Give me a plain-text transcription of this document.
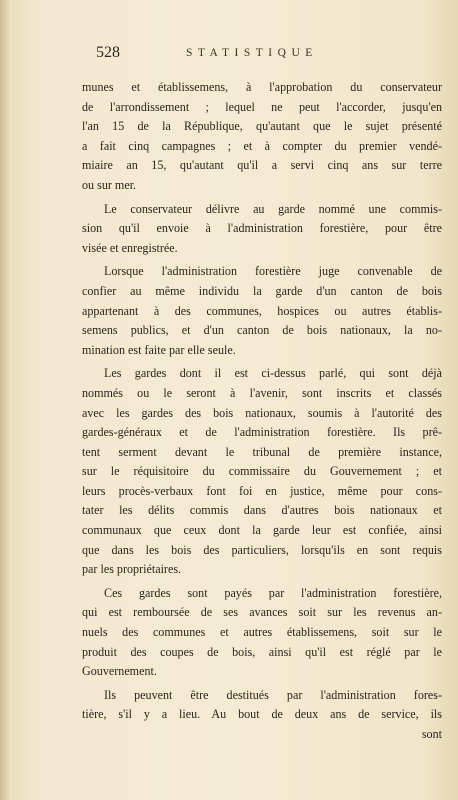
528	STATISTIQUE
munes et établissemens, à l'approbation du conservateur
de l'arrondissement ; lequel ne peut l'accorder, jusqu'en
l'an 15 de la République, qu'autant que le sujet présenté
a fait cinq campagnes ; et à compter du premier vendé-
miaire an 15, qu'autant qu'il a servi cinq ans sur terre
ou sur mer.
Le conservateur délivre au garde nommé une commis-
sion qu'il envoie à l'administration forestière, pour être
visée et enregistrée.
Lorsque l'administration forestière juge convenable de
confier au même individu la garde d'un canton de bois
appartenant à des communes, hospices ou autres établis-
semens publics, et d'un canton de bois nationaux, la no-
mination est faite par elle seule.
Les gardes dont il est ci-dessus parlé, qui sont déjà
nommés ou le seront à l'avenir, sont inscrits et classés
avec les gardes des bois nationaux, soumis à l'autorité des
gardes-généraux et de l'administration forestière. Ils prê-
tent serment devant le tribunal de première instance,
sur le réquisitoire du commissaire du Gouvernement ; et
leurs procès-verbaux font foi en justice, même pour cons-
tater les délits commis dans d'autres bois nationaux et
communaux que ceux dont la garde leur est confiée, ainsi
que dans les bois des particuliers, lorsqu'ils en sont requis
par les propriétaires.
Ces gardes sont payés par l'administration forestière,
qui est remboursée de ses avances soit sur les revenus an-
nuels des communes et autres établissemens, soit sur le
produit des coupes de bois, ainsi qu'il est réglé par le
Gouvernement.
Ils peuvent être destitués par l'administration fores-
tière, s'il y a lieu. Au bout de deux ans de service, ils
sont
